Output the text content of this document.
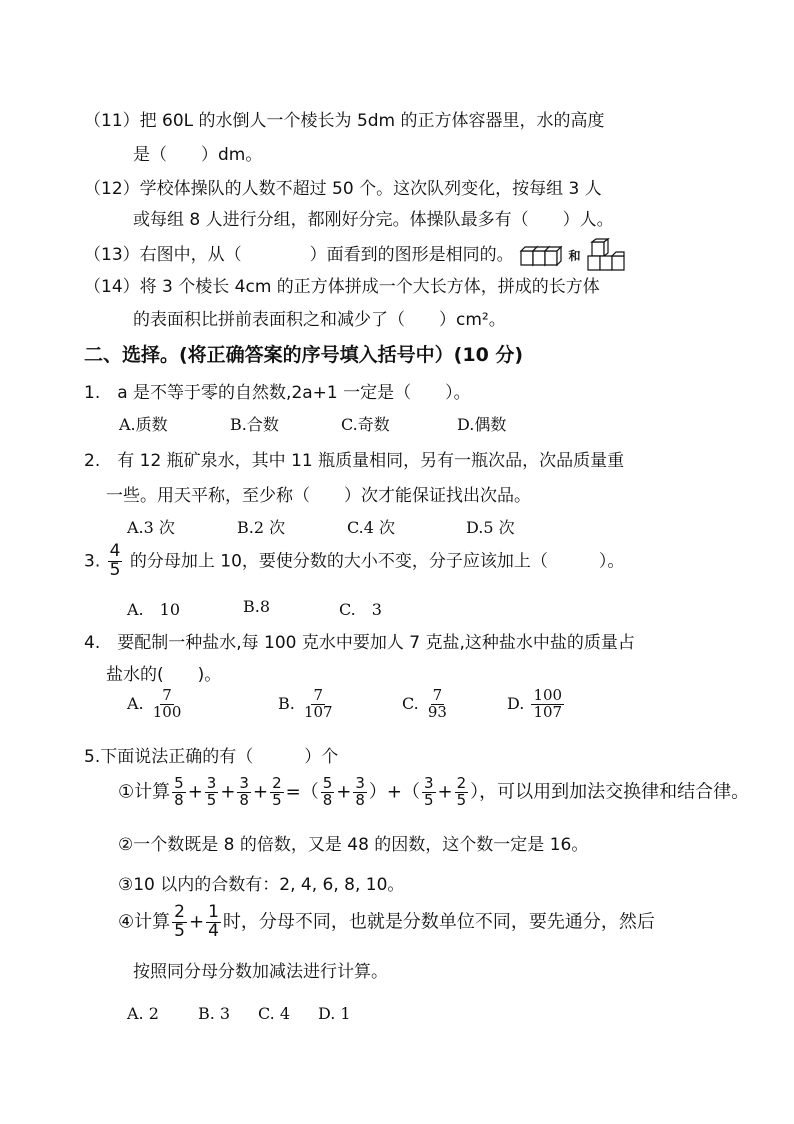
（11）把 60L 的水倒人一个棱长为 5dm 的正方体容器里，水的高度
是（　　）dm。
（12）学校体操队的人数不超过 50 个。这次队列变化，按每组 3 人
或每组 8 人进行分组，都刚好分完。体操队最多有（　　）人。
（13）右图中，从（　　　　）面看到的图形是相同的。	和
（14）将 3 个棱长 4cm 的正方体拼成一个大长方体，拼成的长方体
的表面积比拼前表面积之和减少了（　　）cm²。
二、选择。(将正确答案的序号填入括号中）(10 分)
1.　a 是不等于零的自然数,2a+1 一定是（　　）。
A.质数	B.合数	C.奇数	D.偶数
2.　有 12 瓶矿泉水，其中 11 瓶质量相同，另有一瓶次品，次品质量重
一些。用天平称，至少称（　　）次才能保证找出次品。
A.3 次	B.2 次	C.4 次	D.5 次
3. $\frac{4}{5}$ 的分母加上 10，要使分数的大小不变，分子应该加上（　　　）。
A.　10	B.8	C.　3
4.　要配制一种盐水,每 100 克水中要加人 7 克盐,这种盐水中盐的质量占
盐水的(　　)。
A. $\frac{7}{100}$	B. $\frac{7}{107}$	C. $\frac{7}{93}$	D. $\frac{100}{107}$
5.下面说法正确的有（　　　）个
①计算 $\frac{5}{8} + \frac{3}{5} + \frac{3}{8} + \frac{2}{5}$ =（ $\frac{5}{8} + \frac{3}{8}$ ）+（ $\frac{3}{5} + \frac{2}{5}$ ），可以用到加法交换律和结合律。
②一个数既是 8 的倍数，又是 48 的因数，这个数一定是 16。
③10 以内的合数有：2, 4, 6, 8, 10。
④计算 $\frac{2}{5} + \frac{1}{4}$ 时，分母不同，也就是分数单位不同，要先通分，然后
按照同分母分数加减法进行计算。
A. 2 B. 3 C. 4 D. 1
